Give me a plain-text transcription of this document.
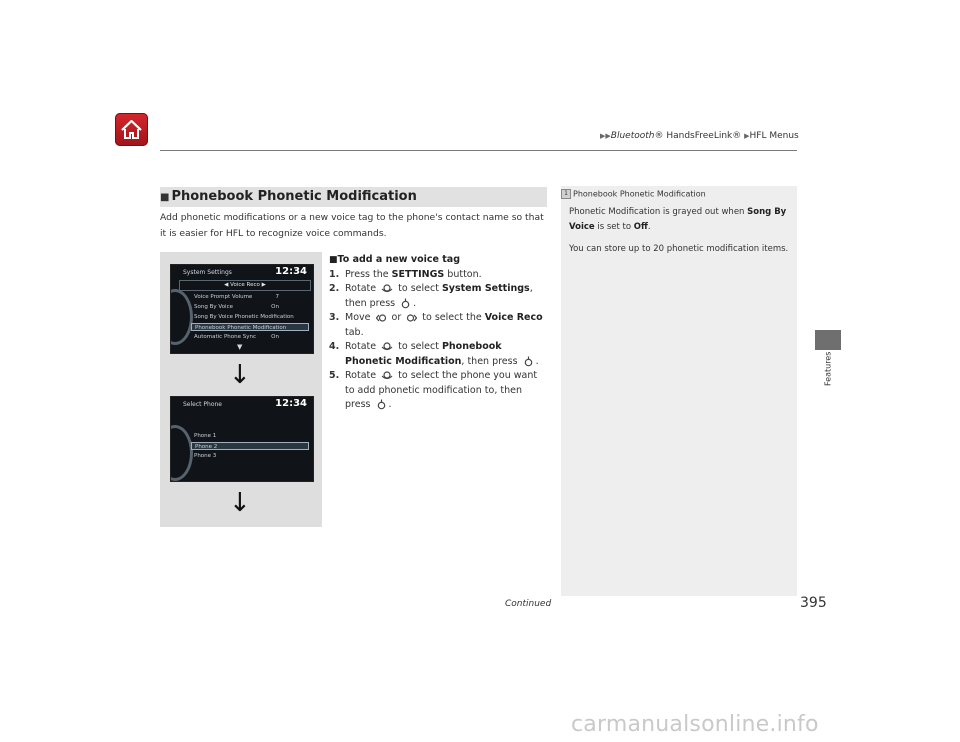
▶▶Bluetooth® HandsFreeLink® ▶HFL Menus
Features
■ Phonebook Phonetic Modification
Add phonetic modifications or a new voice tag to the phone's contact name so that it is easier for HFL to recognize voice commands.
System Settings	12:34
◀ Voice Reco ▶
Voice Prompt Volume	7
Song By Voice	On
Song By Voice Phonetic Modification
Phonebook Phonetic Modification
Automatic Phone Sync	On
▼
↓
Select Phone	12:34
Phone 1
Phone 2
Phone 3
↓
■To add a new voice tag
1. Press the SETTINGS button.
2. Rotate  to select System Settings, then press .
3. Move  or  to select the Voice Reco tab.
4. Rotate  to select Phonebook Phonetic Modification, then press .
5. Rotate  to select the phone you want to add phonetic modification to, then press .
1 Phonebook Phonetic Modification

Phonetic Modification is grayed out when Song By Voice is set to Off.

You can store up to 20 phonetic modification items.

Continued	395
carmanualsonline.info
